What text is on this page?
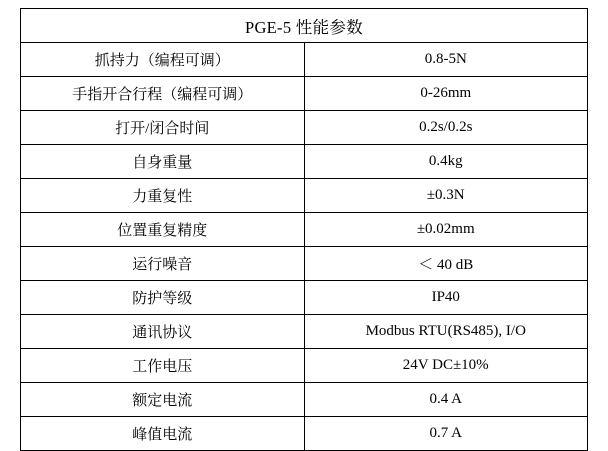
PGE-5 性能参数	
抓持力（编程可调）	0.8-5N
手指开合行程（编程可调）	0-26mm
打开/闭合时间	0.2s/0.2s
自身重量	0.4kg
力重复性	±0.3N
位置重复精度	±0.02mm
运行噪音	＜ 40 dB
防护等级	IP40
通讯协议	Modbus RTU(RS485), I/O
工作电压	24V DC±10%
额定电流	0.4 A
峰值电流	0.7 A
